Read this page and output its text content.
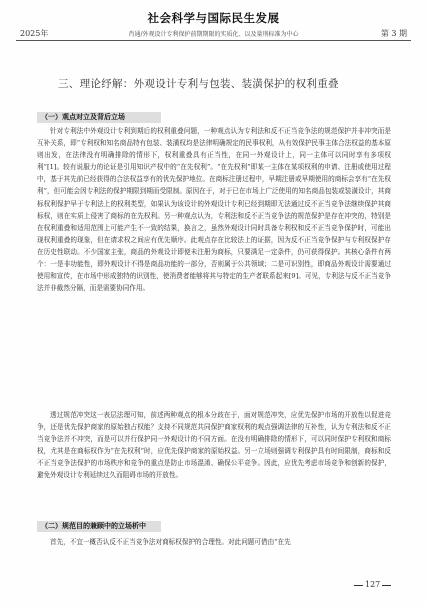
社会科学与国际民生发展
2025年	肖通/外观设计专利保护前期期限的实质化、以及量刑标准为中心	第 3 期
三、理论纾解：外观设计专利与包装、装潢保护的权利重叠
（一）观点对立及背后立场
针对专利法中外观设计专利到期后的权利重叠问题，一种观点认为专利法和反不正当竞争法的规范保护并非冲突而是互补关系，即“专利权和知名商品特有包装、装潢权均是法律明确规定的民事权利，从有效保护民事主体合法权益的基本原则出发，在法律没有明确排除的情形下，权利重叠具有正当性，在同一外观设计上，同一主体可以同时享有多项权利”[1]。较有说服力的论证是引用知识产权中的“在先权利”。“在先权利”即某一主体在某项权利的申请、注册或使用过程中，基于其先前已经获得的合法权益享有的优先保护地位。在商标注册过程中，早期注册或早期使用的商标会享有“在先权利”，但可能会因专利法的保护期限到期而受限制。原因在于，对于已在市场上广泛使用的知名商品包装或装潢设计，其商标权利保护早于专利法上的权利类型，如果认为该设计的外观设计专利已经到期即无法通过反不正当竞争法继续保护其商标权，则在实质上侵害了商标的在先权利。另一种观点认为，专利法和反不正当竞争法的规范保护是存在冲突的，特别是在权利重叠和适用范围上可能产生不一致的结果，换言之，虽然外观设计同时具备专利权和反不正当竞争保护时，可能出现权利重叠的现象，但在请求权之间应有优先顺序。此观点存在比较法上的证据，因为反不正当竞争保护与专利权保护存在历史性联动。不少国家主张，商品的外观设计即便未注册为商标，只要满足一定条件，仍可获得保护。其核心条件有两个：一是非功能性，即外观设计不得是商品功能的一部分，否则属于公共领域；二是可识别性，即商品外观设计需要通过使用和宣传，在市场中形成独特的识别性，使消费者能够将其与特定的生产者联系起来[9]。可见，专利法与反不正当竞争法并非截然分隔，而是需要协同作用。
透过规范冲突这一表层法理可知，前述两种观点的根本分歧在于，面对规范冲突，应优先保护市场的开放性以促进竞争，还是优先保护商家的原始独占权能？支持不同规范共同保护商家权利的观点强调法律的互补性，认为专利法和反不正当竞争法并不冲突，而是可以并行保护同一外观设计的不同方面。在没有明确排除的情形下，可以同时保护专利权和商标权，尤其是在商标权作为“在先权利”时，应优先保护商家的原始权益。另一立场则强调专利保护具有时间限制，商标和反不正当竞争法保护的市场秩序和竞争的重点是防止市场混淆、确保公平竞争。因此，应优先考虑市场竞争和创新的保护，避免外观设计专利延续过久而阻碍市场的开放性。
（二）规范目的兼顾中的立场析中
首先，不宜一概否认反不正当竞争法对商标权保护的合理性。对此问题可借由“在先
127
